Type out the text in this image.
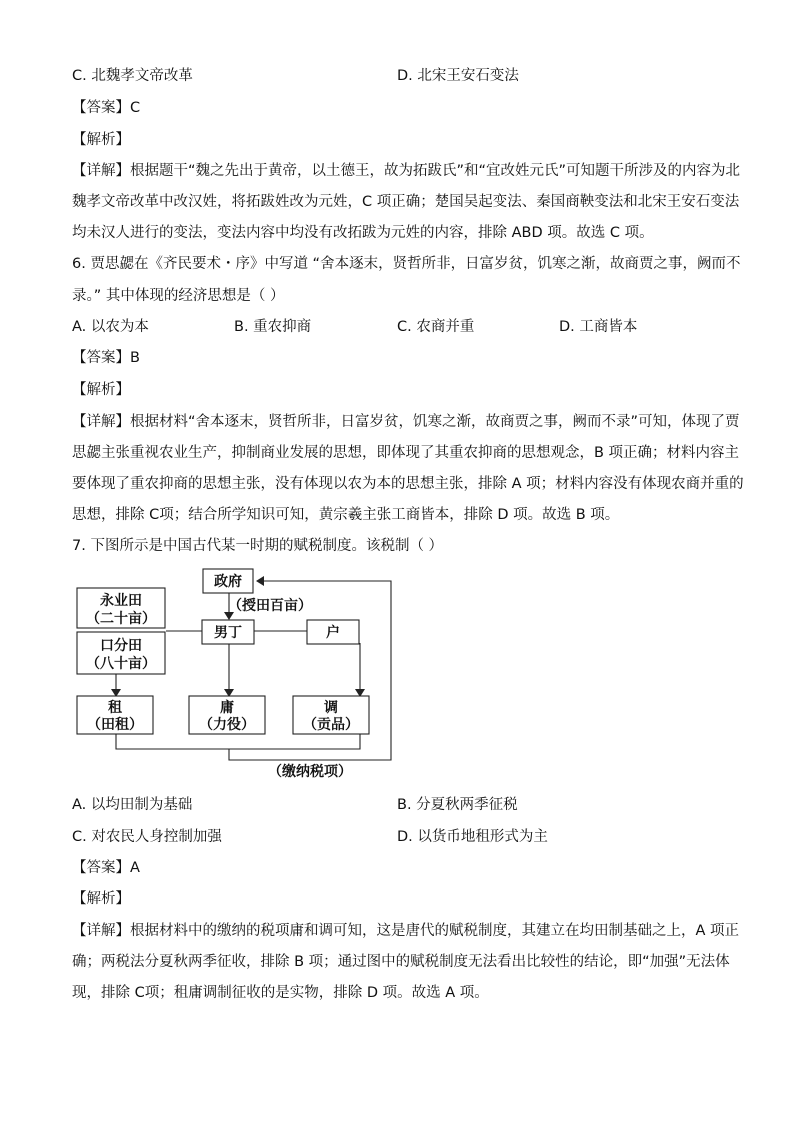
C. 北魏孝文帝改革	D. 北宋王安石变法
【答案】C
【解析】
【详解】根据题干“魏之先出于黄帝，以土德王，故为拓跋氏”和“宜改姓元氏”可知题干所涉及的内容为北
魏孝文帝改革中改汉姓，将拓跋姓改为元姓，C 项正确；楚国吴起变法、秦国商鞅变法和北宋王安石变法
均未汉人进行的变法，变法内容中均没有改拓跋为元姓的内容，排除 ABD 项。故选 C 项。
6. 贾思勰在《齐民要术・序》中写道 “舍本逐末，贤哲所非，日富岁贫，饥寒之渐，故商贾之事，阙而不
录。” 其中体现的经济思想是（ ）
A. 以农为本	B. 重农抑商	C. 农商并重	D. 工商皆本
【答案】B
【解析】
【详解】根据材料“舍本逐末，贤哲所非，日富岁贫，饥寒之渐，故商贾之事，阙而不录”可知，体现了贾
思勰主张重视农业生产，抑制商业发展的思想，即体现了其重农抑商的思想观念，B 项正确；材料内容主
要体现了重农抑商的思想主张，没有体现以农为本的思想主张，排除 A 项；材料内容没有体现农商并重的
思想，排除 C项；结合所学知识可知，黄宗羲主张工商皆本，排除 D 项。故选 B 项。
7. 下图所示是中国古代某一时期的赋税制度。该税制（ ）
政府
（授田百亩）
永业田
（二十亩）
口分田
（八十亩）
男丁	户
租
（田租）
庸
（力役）
调
（贡品）
（缴纳税项）
A. 以均田制为基础	B. 分夏秋两季征税
C. 对农民人身控制加强	D. 以货币地租形式为主
【答案】A
【解析】
【详解】根据材料中的缴纳的税项庸和调可知，这是唐代的赋税制度，其建立在均田制基础之上，A 项正
确；两税法分夏秋两季征收，排除 B 项；通过图中的赋税制度无法看出比较性的结论，即“加强”无法体
现，排除 C项；租庸调制征收的是实物，排除 D 项。故选 A 项。
